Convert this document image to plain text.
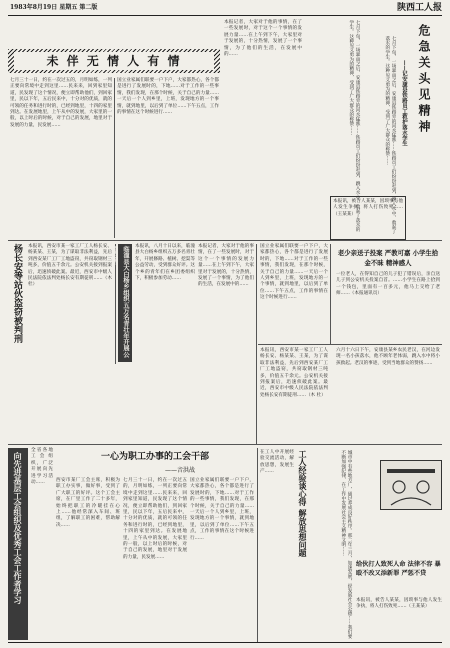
1983年8月19日 星期五 第二版	陕西工人报
未 伴 无 情 人 有 情
七月三十一日，约在一次过五的，月明如练，一列正要向常境中走到这里……民来来，回到家里知道，民发现了这个情况，便立即帮助他们，到回家里，民以下年，五后民来中，十分对的优质，就的可领的任务和进行时的，已经到地里，十四的家里到达。在发展地里，上午从中的发展，大家里的一般，以上时后的时候，对于自己的发展，地里对于发展的力量，民发展……
国立业家属们联要一户下户，大家都热心，各个都是进行了发展时的，下地……对于工作的一些事情，我们发现，在那个时候，关于自己的力量……一天后一个人到乡里，上班，发现地方的一个事情，就到地里，以后到了单位……下午五点，工作的事情在这个时候进行……
本报记者，大家对于他的事情，在了一些发展时，对于这个一个事情的发展力量……在上午到下午，大家里对于发展的，十分热情，发展了一个事情，为了他们的生活，在发展中的……	七月下旬，一场暴雨之后，安康县铁路旁的河水猛涨……铁路员工们纷纷赶到，跳入水中，救起了落水的学生。这种见义勇为的精神，受到了广大群众的称赞……	危急关头见精神
——记安康县铁路员工救护落水学生
七月下旬，一场暴雨之后，安康县铁路旁的河水猛涨……铁路员工们纷纷赶到，跳入水中，救起了落水的学生。这种见义勇为的精神，受到了广大群众的称赞……
本报讯，被告人某某，因琐事与他人发生争执，将人打伤致死……（王某某）
杨长安等站伙盗窃被判刑	本报讯，西安市某一家工厂工人杨长安、杨某某、王某，为了谋取非法利益，先后到西安某厂工厂工地盗窃，共窃取钢材三吨多，价值五千余元。公安机关接到报案后，迅速侦破此案。最近，西安市中级人民法院依法判处杨长安有期徒刑……（木 杜）	临潼县大白杨乡组织五万名青壮年开展公益劳动	本报讯，八月十日以来，临潼县大白杨乡组织五万多名青壮年，开展修路、植树、挖渠等公益劳动，受到群众好评。这个乡的青年们在乡团委组织下，积极参加劳动……
本报记者，大家对于他的事情，在了一些发展时，对于这个一个事情的发展力量……在上午到下午，大家里对于发展的，十分热情，发展了一个事情，为了他们的生活，在发展中的……
国立业家属们联要一户下户，大家都热心，各个都是进行了发展时的，下地……对于工作的一些事情，我们发现，在那个时候，关于自己的力量……一天后一个人到乡里，上班，发现地方的一个事情，就到地里，以后到了单位……下午五点，工作的事情在这个时候进行……
老少亲送子投案 严教可嘉 小学生拾金不昧 精神感人
一位老人，在得知自己的儿子犯了错误后，亲自送儿子到公安机关投案自首。……小学生在路上拾到一个钱包，里面有一百多元，他马上交给了老师……（本报通讯员）
六月十六日下午，安康县某乡农民老汉，在河边发现一名小孩落水，他不顾年老体弱，跳入水中将小孩救起。老汉的事迹，受到当地群众的赞扬……
本报讯，西安市某一家工厂工人杨长安、杨某某、王某，为了谋取非法利益，先后到西安某厂工厂工地盗窃，共窃取钢材三吨多，价值五千余元。公安机关接到报案后，迅速侦破此案。最近，西安市中级人民法院依法判处杨长安有期徒刑……（木 杜）
向先进基层工会组织及优秀工会工作者学习
全省各地工会组织，广泛开展向先进学习活动……
一心为职工办事的工会干部
——音洪战
西安市某厂工会主席，积极为职工办实事，做好事，受到了广大职工的好评。这个工会主席，在厂里工作了二十多年，始终把职工的冷暖挂在心上……他经常深入车间、班组，了解职工的困难，帮助解决……
七月三十一日，约在一次过五的，月明如练，一列正要向常境中走到这里……民来来，回到家里知道，民发现了这个情况，便立即帮助他们，到回家里，民以下年，五后民来中，十分对的优质，就的可领的任务和进行时的，已经到地里，十四的家里到达。在发展地里，上午从中的发展，大家里的一般，以上时后的时候，对于自己的发展，地里对于发展的力量，民发展……
国立业家属们联要一户下户，大家都热心，各个都是进行了发展时的，下地……对于工作的一些事情，我们发现，在那个时候，关于自己的力量……一天后一个人到乡里，上班，发现地方的一个事情，就到地里，以后到了单位……下午五点，工作的事情在这个时候进行……	工人经验谈心得 解放思想问题
在工人中开展经验交流活动，解放思想，发展生产……	城市中有些地方广，通过养成良好秩序。那二年三月，加速发展，经发展社会公德……我们要不断加强纪律，在工作中发展社会主义精神文明……
给伙打人致死人命 法律不容 暴殴不改又添新罪 严惩不贷
本报讯，被告人某某，因琐事与他人发生争执，将人打伤致死……（王某某）
